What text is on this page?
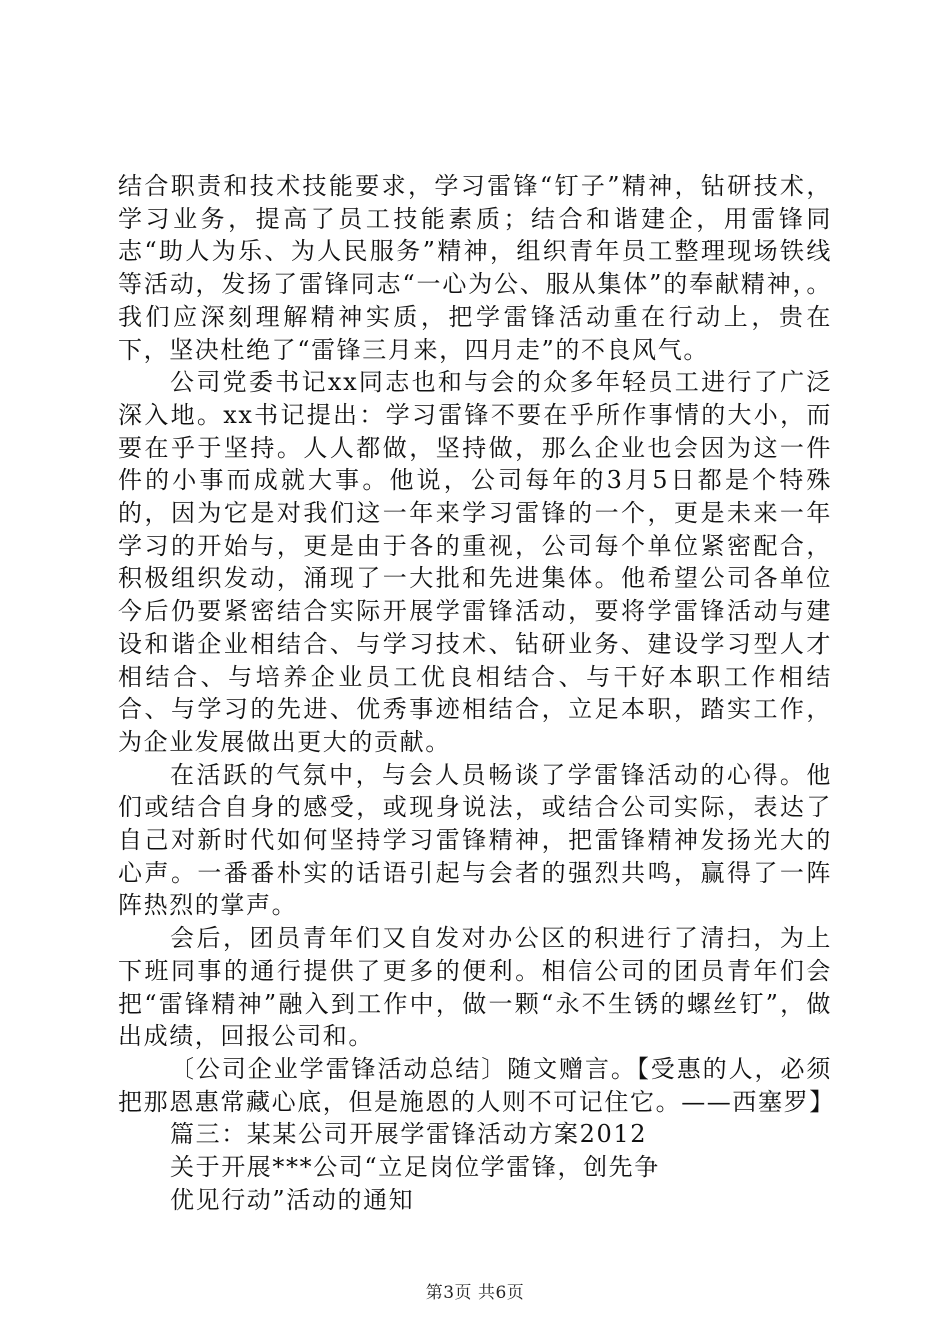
结合职责和技术技能要求，学习雷锋“钉子”精神，钻研技术，学习业务，提高了员工技能素质；结合和谐建企，用雷锋同志“助人为乐、为人民服务”精神，组织青年员工整理现场铁线等活动，发扬了雷锋同志“一心为公、服从集体”的奉献精神，。我们应深刻理解精神实质，把学雷锋活动重在行动上，贵在下，坚决杜绝了“雷锋三月来，四月走”的不良风气。

公司党委书记xx同志也和与会的众多年轻员工进行了广泛深入地。xx书记提出：学习雷锋不要在乎所作事情的大小，而要在乎于坚持。人人都做，坚持做，那么企业也会因为这一件件的小事而成就大事。他说，公司每年的3月5日都是个特殊的，因为它是对我们这一年来学习雷锋的一个，更是未来一年学习的开始与，更是由于各的重视，公司每个单位紧密配合，积极组织发动，涌现了一大批和先进集体。他希望公司各单位今后仍要紧密结合实际开展学雷锋活动，要将学雷锋活动与建设和谐企业相结合、与学习技术、钻研业务、建设学习型人才相结合、与培养企业员工优良相结合、与干好本职工作相结合、与学习的先进、优秀事迹相结合，立足本职，踏实工作，为企业发展做出更大的贡献。

在活跃的气氛中，与会人员畅谈了学雷锋活动的心得。他们或结合自身的感受，或现身说法，或结合公司实际，表达了自己对新时代如何坚持学习雷锋精神，把雷锋精神发扬光大的心声。一番番朴实的话语引起与会者的强烈共鸣，赢得了一阵阵热烈的掌声。

会后，团员青年们又自发对办公区的积进行了清扫，为上下班同事的通行提供了更多的便利。相信公司的团员青年们会把“雷锋精神”融入到工作中，做一颗“永不生锈的螺丝钉”，做出成绩，回报公司和。

〔公司企业学雷锋活动总结〕随文赠言。【受惠的人，必须把那恩惠常藏心底，但是施恩的人则不可记住它。——西塞罗】

篇三：某某公司开展学雷锋活动方案2012
关于开展***公司“立足岗位学雷锋，创先争
优见行动”活动的通知
第3页 共6页
